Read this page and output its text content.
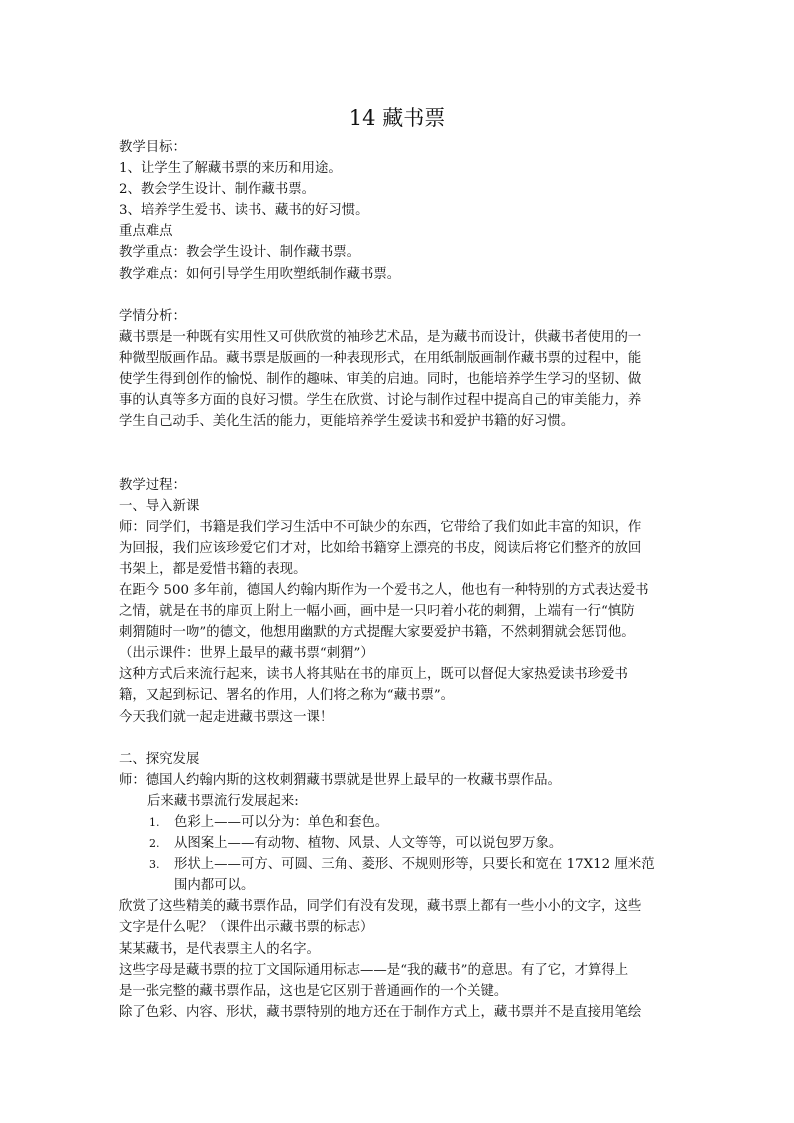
14 藏书票

教学目标：

1、让学生了解藏书票的来历和用途。

2、教会学生设计、制作藏书票。

3、培养学生爱书、读书、藏书的好习惯。

重点难点

教学重点：教会学生设计、制作藏书票。

教学难点：如何引导学生用吹塑纸制作藏书票。

学情分析：

藏书票是一种既有实用性又可供欣赏的袖珍艺术品，是为藏书而设计，供藏书者使用的一

种微型版画作品。藏书票是版画的一种表现形式，在用纸制版画制作藏书票的过程中，能

使学生得到创作的愉悦、制作的趣味、审美的启迪。同时，也能培养学生学习的坚韧、做

事的认真等多方面的良好习惯。学生在欣赏、讨论与制作过程中提高自己的审美能力，养

学生自己动手、美化生活的能力，更能培养学生爱读书和爱护书籍的好习惯。

教学过程：

一、导入新课

师：同学们，书籍是我们学习生活中不可缺少的东西，它带给了我们如此丰富的知识，作

为回报，我们应该珍爱它们才对，比如给书籍穿上漂亮的书皮，阅读后将它们整齐的放回

书架上，都是爱惜书籍的表现。

在距今 500 多年前，德国人约翰内斯作为一个爱书之人，他也有一种特别的方式表达爱书

之情，就是在书的扉页上附上一幅小画，画中是一只叼着小花的刺猬，上端有一行“慎防

刺猬随时一吻”的德文，他想用幽默的方式提醒大家要爱护书籍，不然刺猬就会惩罚他。

（出示课件：世界上最早的藏书票“刺猬”）

这种方式后来流行起来，读书人将其贴在书的扉页上，既可以督促大家热爱读书珍爱书

籍，又起到标记、署名的作用，人们将之称为“藏书票”。

今天我们就一起走进藏书票这一课！

二、探究发展

师：德国人约翰内斯的这枚刺猬藏书票就是世界上最早的一枚藏书票作品。

后来藏书票流行发展起来:

1. 色彩上——可以分为：单色和套色。
2. 从图案上——有动物、植物、风景、人文等等，可以说包罗万象。
3. 形状上——可方、可圆、三角、菱形、不规则形等，只要长和宽在 17X12 厘米范

围内都可以。

欣赏了这些精美的藏书票作品，同学们有没有发现，藏书票上都有一些小小的文字，这些

文字是什么呢？（课件出示藏书票的标志）

某某藏书，是代表票主人的名字。

这些字母是藏书票的拉丁文国际通用标志——是“我的藏书”的意思。有了它，才算得上

是一张完整的藏书票作品，这也是它区别于普通画作的一个关键。

除了色彩、内容、形状，藏书票特别的地方还在于制作方式上，藏书票并不是直接用笔绘
